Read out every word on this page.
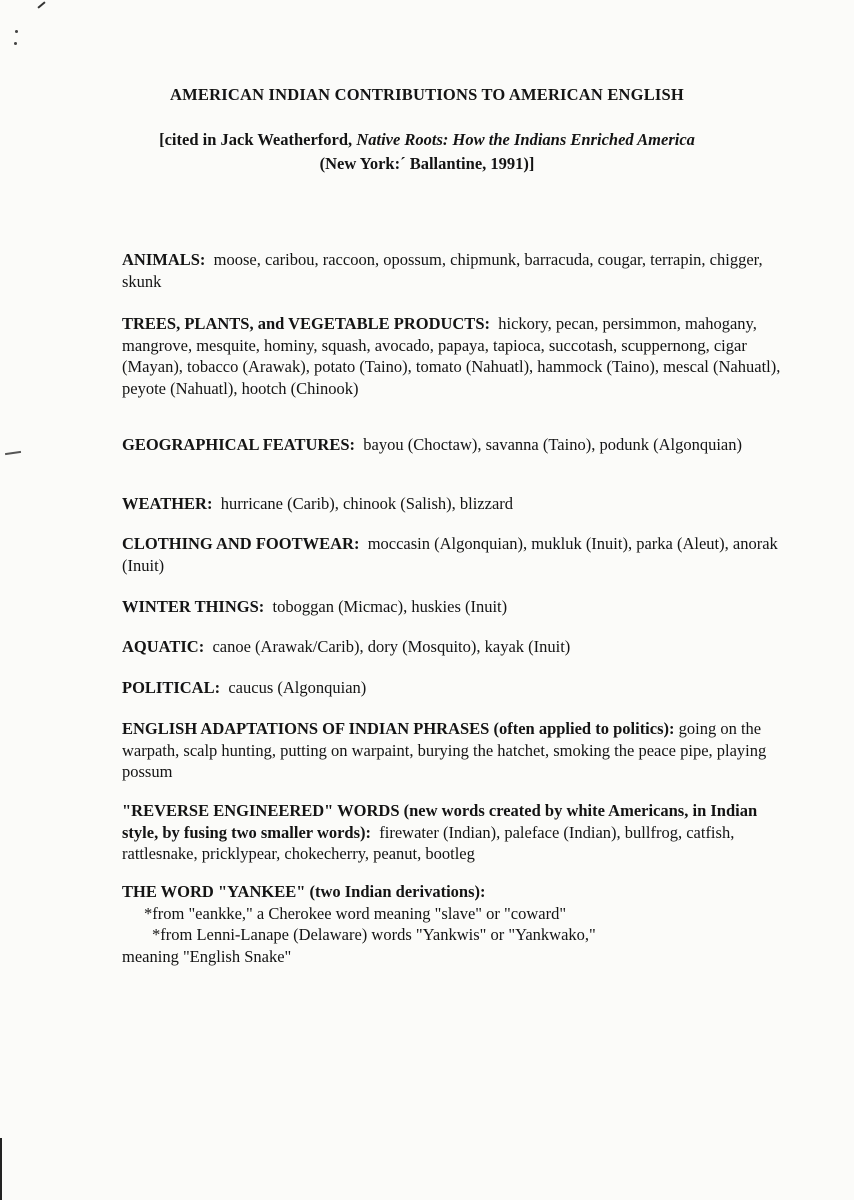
AMERICAN INDIAN CONTRIBUTIONS TO AMERICAN ENGLISH
[cited in Jack Weatherford, Native Roots: How the Indians Enriched America
(New York:´ Ballantine, 1991)]
ANIMALS: moose, caribou, raccoon, opossum, chipmunk, barracuda, cougar, terrapin, chigger, skunk
TREES, PLANTS, and VEGETABLE PRODUCTS: hickory, pecan, persimmon, mahogany, mangrove, mesquite, hominy, squash, avocado, papaya, tapioca, succotash, scuppernong, cigar (Mayan), tobacco (Arawak), potato (Taino), tomato (Nahuatl), hammock (Taino), mescal (Nahuatl), peyote (Nahuatl), hootch (Chinook)
GEOGRAPHICAL FEATURES: bayou (Choctaw), savanna (Taino), podunk (Algonquian)
WEATHER: hurricane (Carib), chinook (Salish), blizzard
CLOTHING AND FOOTWEAR: moccasin (Algonquian), mukluk (Inuit), parka (Aleut), anorak (Inuit)
WINTER THINGS: toboggan (Micmac), huskies (Inuit)
AQUATIC: canoe (Arawak/Carib), dory (Mosquito), kayak (Inuit)
POLITICAL: caucus (Algonquian)
ENGLISH ADAPTATIONS OF INDIAN PHRASES (often applied to politics): going on the warpath, scalp hunting, putting on warpaint, burying the hatchet, smoking the peace pipe, playing possum
"REVERSE ENGINEERED" WORDS (new words created by white Americans, in Indian style, by fusing two smaller words): firewater (Indian), paleface (Indian), bullfrog, catfish, rattlesnake, pricklypear, chokecherry, peanut, bootleg
THE WORD "YANKEE" (two Indian derivations):
*from "eankke," a Cherokee word meaning "slave" or "coward"
*from Lenni-Lanape (Delaware) words "Yankwis" or "Yankwako,"
meaning "English Snake"
